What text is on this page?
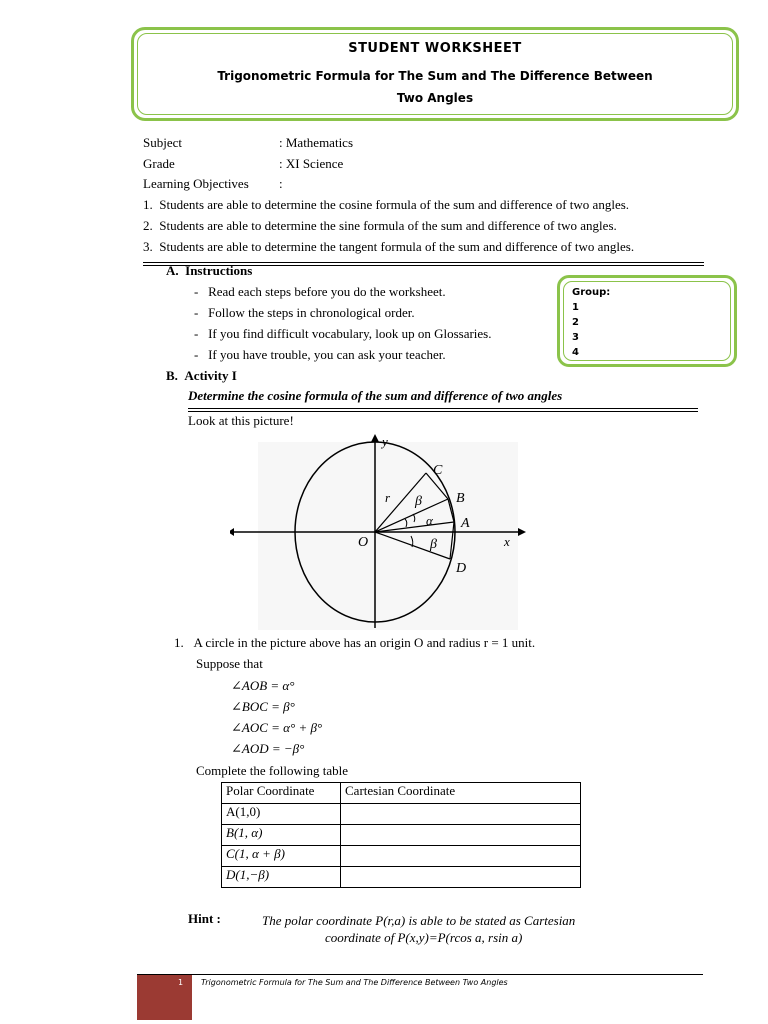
STUDENT WORKSHEET
Trigonometric Formula for The Sum and The Difference Between
Two Angles
Subject	: Mathematics
Grade	: XI Science
Learning Objectives :
1.  Students are able to determine the cosine formula of the sum and difference of two angles.
2.  Students are able to determine the sine formula of the sum and difference of two angles.
3.  Students are able to determine the tangent formula of the sum and difference of two angles.
A.  Instructions
-   Read each steps before you do the worksheet.
-   Follow the steps in chronological order.
-   If you find difficult vocabulary, look up on Glossaries.
-   If you have trouble, you can ask your teacher.
Group:
1
2
3
4
B.  Activity I
Determine the cosine formula of the sum and difference of two angles
Look at this picture!
y
x
C
B
A
D
O
r β
α
β
1.   A circle in the picture above has an origin O and radius r = 1 unit.
Suppose that
∠AOB = α°
∠BOC = β°
∠AOC = α° + β°
∠AOD = −β°
Complete the following table
Polar Coordinate	Cartesian Coordinate
A(1,0)	
B(1, α)	
C(1, α + β)	
D(1,−β)	
Hint :	The polar coordinate P(r,a) is able to be stated as Cartesian
coordinate of P(x,y)=P(rcos a, rsin a)
1 Trigonometric Formula for The Sum and The Difference Between Two Angles
